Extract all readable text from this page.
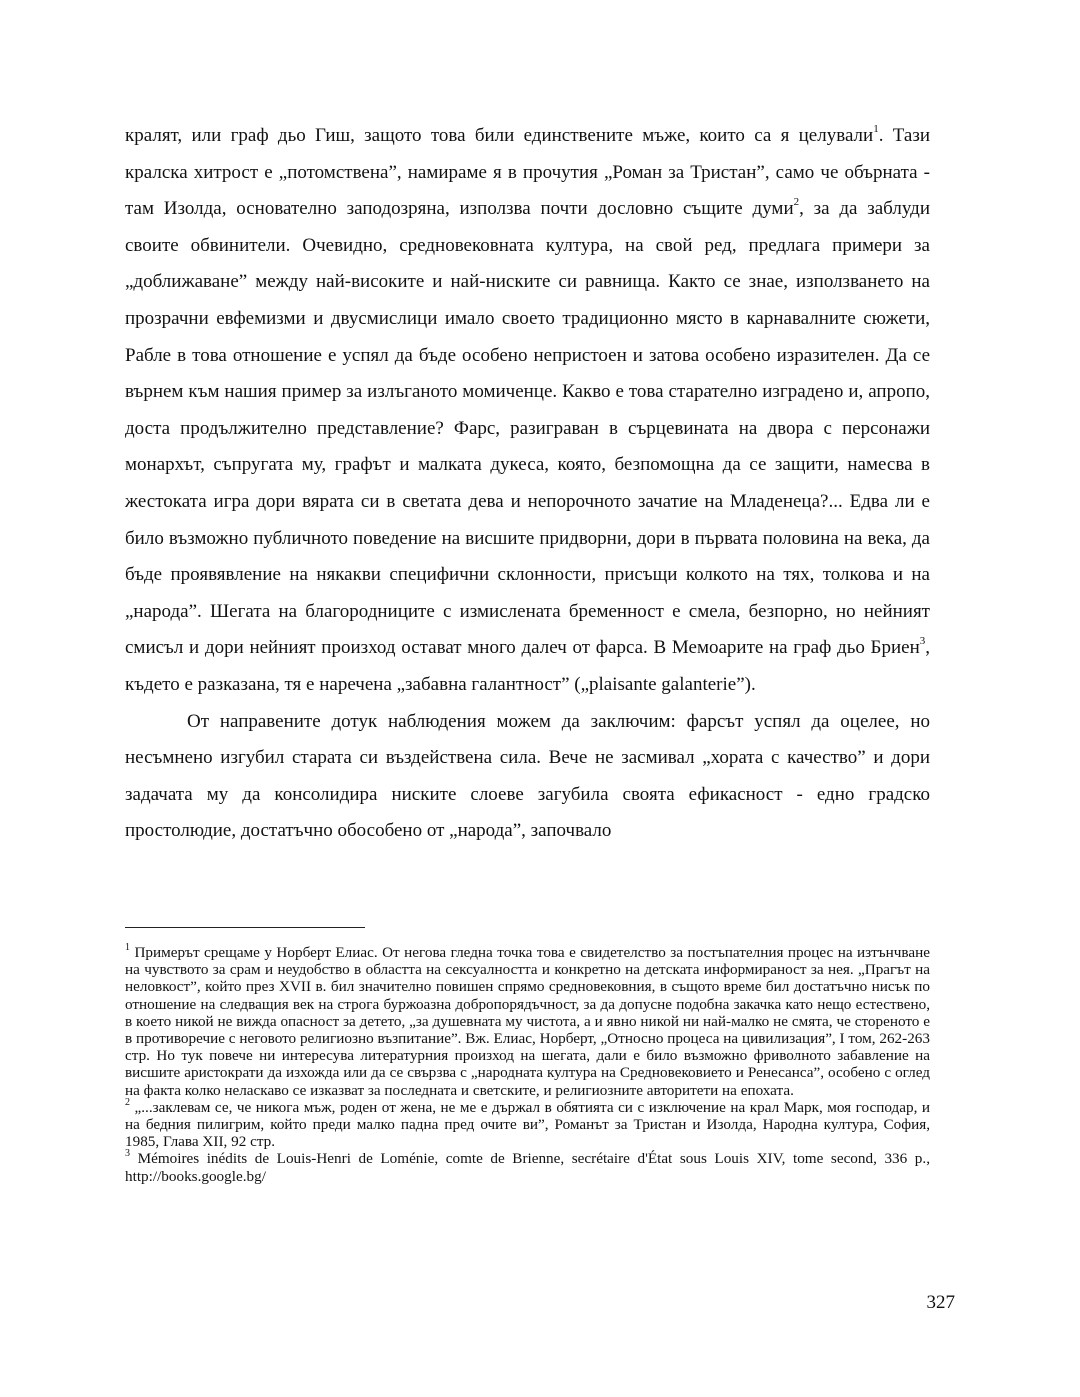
кралят, или граф дьо Гиш, защото това били единствените мъже, които са я целували$^1$. Тази кралска хитрост е „потомствена”, намираме я в прочутия „Роман за Тристан”, само че обърната - там Изолда, основателно заподозряна, използва почти дословно същите думи$^2$, за да заблуди своите обвинители. Очевидно, средновековната култура, на свой ред, предлага примери за „доближаване” между най-високите и най-ниските си равнища. Както се знае, използването на прозрачни евфемизми и двусмислици имало своето традиционно място в карнавалните сюжети, Рабле в това отношение е успял да бъде особено непристоен и затова особено изразителен. Да се върнем към нашия пример за излъганото момиченце. Какво е това старателно изградено и, апропо, доста продължително представление? Фарс, разиграван в сърцевината на двора с персонажи монархът, съпругата му, графът и малката дукеса, която, безпомощна да се защити, намесва в жестоката игра дори вярата си в светата дева и непорочното зачатие на Младенеца?... Едва ли е било възможно публичното поведение на висшите придворни, дори в първата половина на века, да бъде проявявление на някакви специфични склонности, присъщи колкото на тях, толкова и на „народа”. Шегата на благородниците с измислената бременност е смела, безпорно, но нейният смисъл и дори нейният произход остават много далеч от фарса. В Мемоарите на граф дьо Бриен$^3$, където е разказана, тя е наречена „забавна галантност” („plaisante galanterie”).

От направените дотук наблюдения можем да заключим: фарсът успял да оцелее, но несъмнено изгубил старата си въздействена сила. Вече не засмивал „хората с качество” и дори задачата му да консолидира ниските слоеве загубила своята ефикасност - едно градско простолюдие, достатъчно обособено от „народа”, започвало

$^1$ Примерът срещаме у Норберт Елиас. От негова гледна точка това е свидетелство за постъпателния процес на изтънчване на чувството за срам и неудобство в областта на сексуалността и конкретно на детската информираност за нея. „Прагът на неловкост”, който през XVII в. бил значително повишен спрямо средновековния, в същото време бил достатъчно нисък по отношение на следващия век на строга буржоазна добропорядъчност, за да допусне подобна закачка като нещо естествено, в което никой не вижда опасност за детето, „за душевната му чистота, а и явно никой ни най-малко не смята, че стореното е в противоречие с неговото религиозно възпитание”. Вж. Елиас, Норберт, „Относно процеса на цивилизация”, I том, 262-263 стр. Но тук повече ни интересува литературния произход на шегата, дали е било възможно фриволното забавление на висшите аристократи да изхожда или да се свързва с „народната култура на Средновековието и Ренесанса”, особено с оглед на факта колко неласкаво се изказват за последната и светските, и религиозните авторитети на епохата.

$^2$ „...заклевам се, че никога мъж, роден от жена, не ме е държал в обятията си с изключение на крал Марк, моя господар, и на бедния пилигрим, който преди малко падна пред очите ви”, Романът за Тристан и Изолда, Народна култура, София, 1985, Глава XII, 92 стр.

$^3$ Mémoires inédits de Louis-Henri de Loménie, comte de Brienne, secrétaire d'État sous Louis XIV, tome second, 336 p., http://books.google.bg/

327
